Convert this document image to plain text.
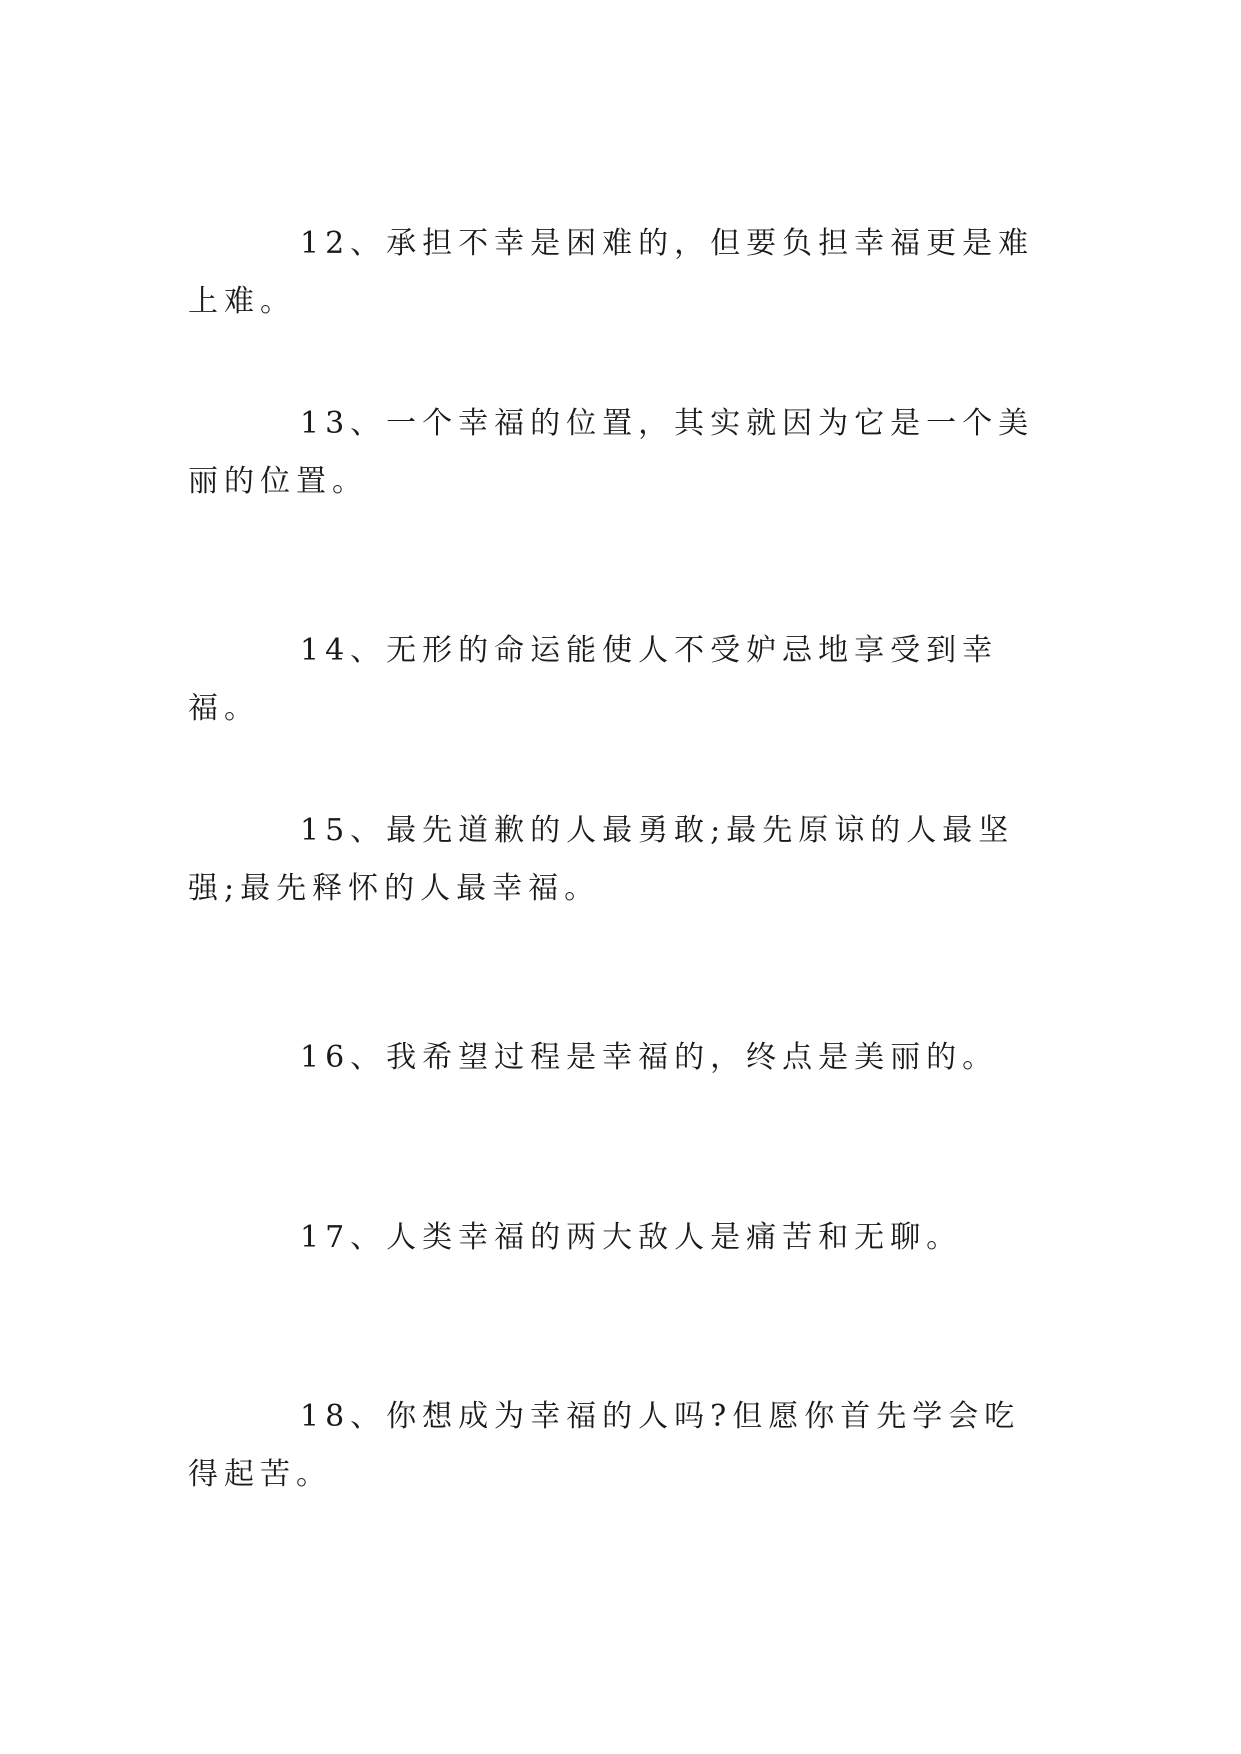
12、承担不幸是困难的，但要负担幸福更是难上难。

13、一个幸福的位置，其实就因为它是一个美丽的位置。

14、无形的命运能使人不受妒忌地享受到幸福。

15、最先道歉的人最勇敢;最先原谅的人最坚强;最先释怀的人最幸福。

16、我希望过程是幸福的，终点是美丽的。

17、人类幸福的两大敌人是痛苦和无聊。

18、你想成为幸福的人吗?但愿你首先学会吃得起苦。
